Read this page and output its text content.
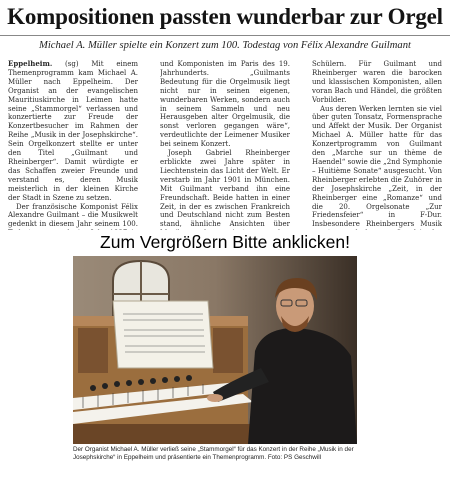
Kompositionen passten wunderbar zur Orgel
Michael A. Müller spielte ein Konzert zum 100. Todestag von Félix Alexandre Guilmant

Eppelheim. (sg) Mit einem Themenprogramm kam Michael A. Müller nach Eppelheim. Der Organist an der evangelischen Mauritiuskirche in Leimen hatte seine „Stammorgel“ verlassen und konzertierte zur Freude der Konzertbesucher im Rahmen der Reihe „Musik in der Josephskirche“. Sein Orgelkonzert stellte er unter den Titel „Guilmant und Rheinberger“. Damit würdigte er das Schaffen zweier Freunde und verstand es, deren Musik meisterlich in der kleinen Kirche der Stadt in Szene zu setzen.

Der französische Komponist Félix Alexandre Guilmant – die Musikwelt gedenkt in diesem Jahr seinem 100.

und Komponisten im Paris des 19. Jahrhunderts. „Guilmants Bedeutung für die Orgelmusik liegt nicht nur in seinen eigenen, wunderbaren Werken, sondern auch in seinem Sammeln und neu Herausgeben alter Orgelmusik, die sonst verloren gegangen wäre“, verdeutlichte der Leimener Musiker bei seinem Konzert.

Joseph Gabriel Rheinberger erblickte zwei Jahre später in Liechtenstein das Licht der Welt. Er verstarb im Jahr 1901 in München. Mit Guilmant verband ihn eine Freundschaft. Beide hatten in einer Zeit, in der es zwischen Frankreich und Deutschland nicht zum Besten stand, ähnliche Ansichten über

Schülern. Für Guilmant und Rheinberger waren die barocken und klassischen Komponisten, allen voran Bach und Händel, die größten Vorbilder.

Aus deren Werken lernten sie viel über guten Tonsatz, Formensprache und Affekt der Musik. Der Organist Michael A. Müller hatte für das Konzertprogramm von Guilmant den „Marche sur un thème de Haendel“ sowie die „2nd Symphonie – Huitième Sonate“ ausgesucht. Von Rheinberger erlebten die Zuhörer in der Josephskirche „Zeit, in der Rheinberger eine „Romanze“ und die 20. Orgelsonate „Zur Friedensfeier“ in F-Dur. Insbesondere Rheinbergers Musik

Zum Vergrößern Bitte anklicken!
Der Organist Michael A. Müller verließ seine „Stammorgel“ für das Konzert in der Reihe „Musik in der Josephskirche“ in Eppelheim und präsentierte ein Themenprogramm. Foto: PS Geschwill
